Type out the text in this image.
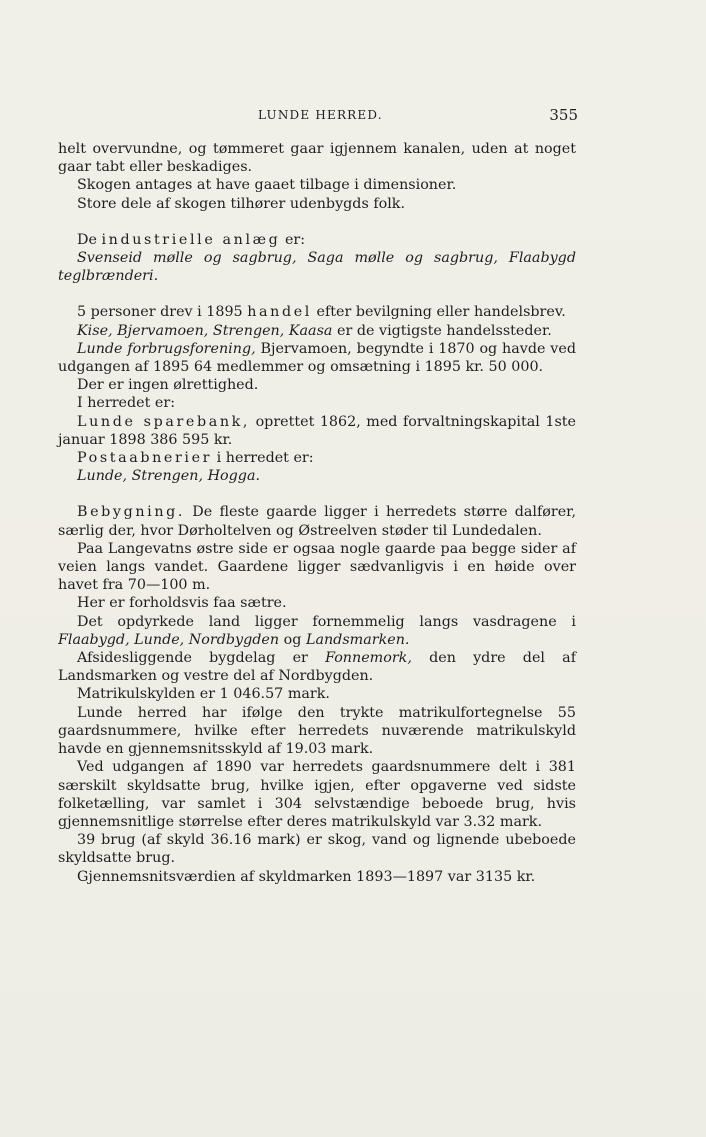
LUNDE HERRED.	355

helt overvundne, og tømmeret gaar igjennem kanalen, uden at noget gaar tabt eller beskadiges.

Skogen antages at have gaaet tilbage i dimensioner.

Store dele af skogen tilhører udenbygds folk.

De industrielle anlæg er:

Svenseid mølle og sagbrug, Saga mølle og sagbrug, Flaabygd teglbrænderi.

5 personer drev i 1895 handel efter bevilgning eller handelsbrev.

Kise, Bjervamoen, Strengen, Kaasa er de vigtigste handelssteder.

Lunde forbrugsforening, Bjervamoen, begyndte i 1870 og havde ved udgangen af 1895 64 medlemmer og omsætning i 1895 kr. 50 000.

Der er ingen ølrettighed.

I herredet er:

Lunde sparebank, oprettet 1862, med forvaltningskapital 1ste januar 1898 386 595 kr.

Postaabnerier i herredet er:

Lunde, Strengen, Hogga.

Bebygning. De fleste gaarde ligger i herredets større dalfører, særlig der, hvor Dørholtelven og Østreelven støder til Lundedalen.

Paa Langevatns østre side er ogsaa nogle gaarde paa begge sider af veien langs vandet. Gaardene ligger sædvanligvis i en høide over havet fra 70—100 m.

Her er forholdsvis faa sætre.

Det opdyrkede land ligger fornemmelig langs vasdragene i Flaabygd, Lunde, Nordbygden og Landsmarken.

Afsidesliggende bygdelag er Fonnemork, den ydre del af Landsmarken og vestre del af Nordbygden.

Matrikulskylden er 1 046.57 mark.

Lunde herred har ifølge den trykte matrikulfortegnelse 55 gaardsnummere, hvilke efter herredets nuværende matrikulskyld havde en gjennemsnitsskyld af 19.03 mark.

Ved udgangen af 1890 var herredets gaardsnummere delt i 381 særskilt skyldsatte brug, hvilke igjen, efter opgaverne ved sidste folketælling, var samlet i 304 selvstændige beboede brug, hvis gjennemsnitlige størrelse efter deres matrikulskyld var 3.32 mark.

39 brug (af skyld 36.16 mark) er skog, vand og lignende ubeboede skyldsatte brug.

Gjennemsnitsværdien af skyldmarken 1893—1897 var 3135 kr.
